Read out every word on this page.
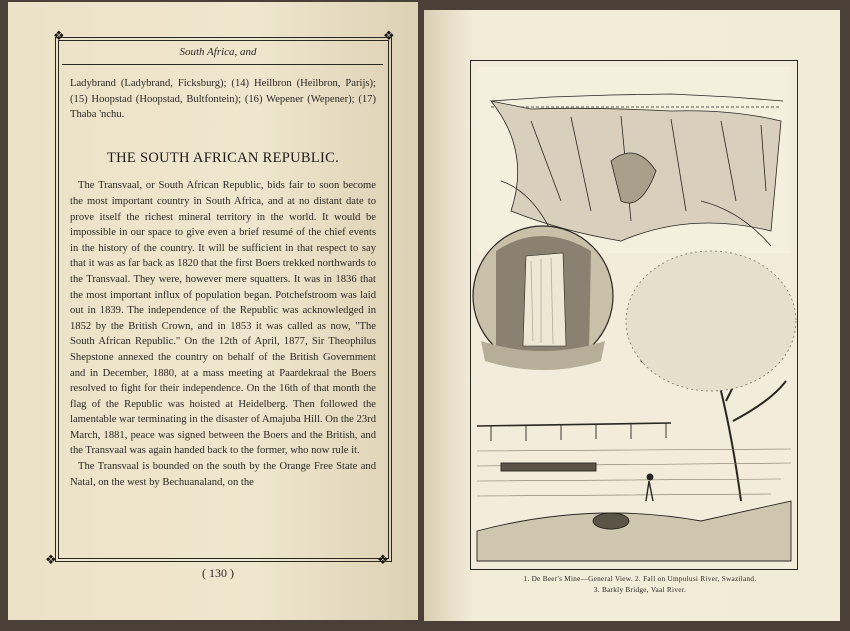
❖	❖
❖	❖
South Africa, and

Ladybrand (Ladybrand, Ficksburg); (14) Heilbron (Heilbron, Parijs); (15) Hoopstad (Hoopstad, Bultfontein); (16) Wepener (Wepener); (17) Thaba 'nchu.

THE SOUTH AFRICAN REPUBLIC.

The Transvaal, or South African Republic, bids fair to soon become the most important country in South Africa, and at no distant date to prove itself the richest mineral territory in the world. It would be impossible in our space to give even a brief resumé of the chief events in the history of the country. It will be sufficient in that respect to say that it was as far back as 1820 that the first Boers trekked northwards to the Transvaal. They were, however mere squatters. It was in 1836 that the most important influx of population began. Potchefstroom was laid out in 1839. The independence of the Republic was acknowledged in 1852 by the British Crown, and in 1853 it was called as now, "The South African Republic." On the 12th of April, 1877, Sir Theophilus Shepstone annexed the country on behalf of the British Government and in December, 1880, at a mass meeting at Paardekraal the Boers resolved to fight for their independence. On the 16th of that month the flag of the Republic was hoisted at Heidelberg. Then followed the lamentable war terminating in the disaster of Amajuba Hill. On the 23rd March, 1881, peace was signed between the Boers and the British, and the Transvaal was again handed back to the former, who now rule it.

The Transvaal is bounded on the south by the Orange Free State and Natal, on the west by Bechuanaland, on the

( 130 )	1. De Beer's Mine—General View. 2. Fall on Umpulusi River, Swaziland.
3. Barkly Bridge, Vaal River.
